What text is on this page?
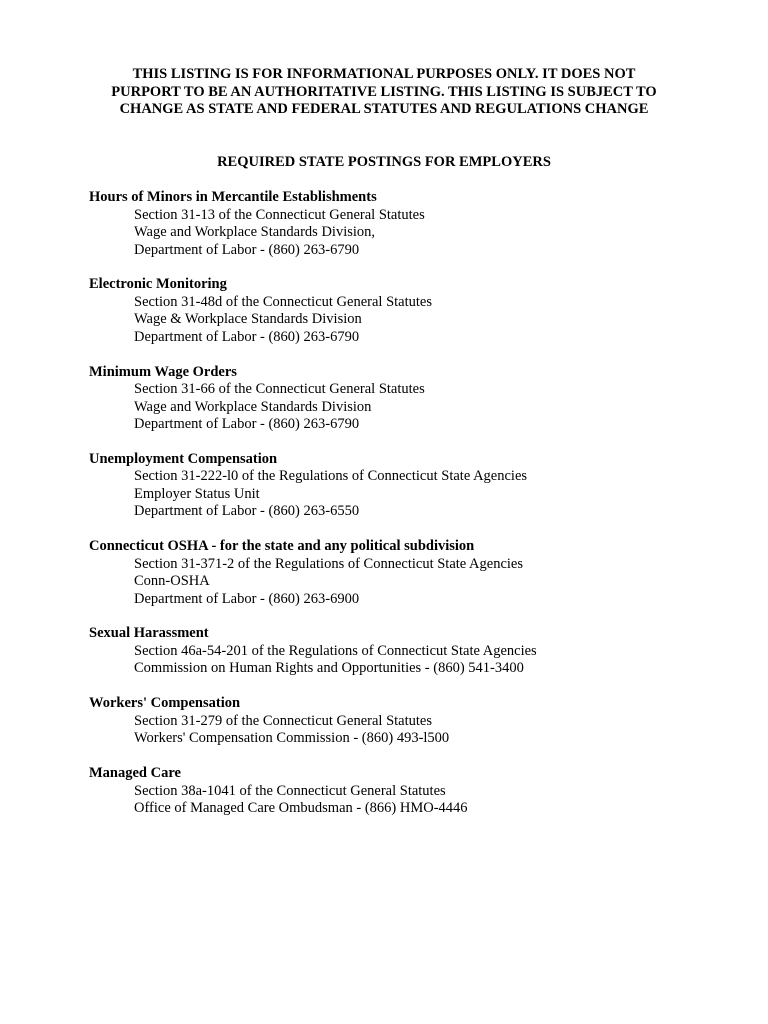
THIS LISTING IS FOR INFORMATIONAL PURPOSES ONLY. IT DOES NOT
PURPORT TO BE AN AUTHORITATIVE LISTING. THIS LISTING IS SUBJECT TO
CHANGE AS STATE AND FEDERAL STATUTES AND REGULATIONS CHANGE
REQUIRED STATE POSTINGS FOR EMPLOYERS
Hours of Minors in Mercantile Establishments
Section 31-13 of the Connecticut General Statutes
Wage and Workplace Standards Division,
Department of Labor - (860) 263-6790
Electronic Monitoring
Section 31-48d of the Connecticut General Statutes
Wage & Workplace Standards Division
Department of Labor - (860) 263-6790
Minimum Wage Orders
Section 31-66 of the Connecticut General Statutes
Wage and Workplace Standards Division
Department of Labor - (860) 263-6790
Unemployment Compensation
Section 31-222-l0 of the Regulations of Connecticut State Agencies
Employer Status Unit
Department of Labor - (860) 263-6550
Connecticut OSHA - for the state and any political subdivision
Section 31-371-2 of the Regulations of Connecticut State Agencies
Conn-OSHA
Department of Labor - (860) 263-6900
Sexual Harassment
Section 46a-54-201 of the Regulations of Connecticut State Agencies
Commission on Human Rights and Opportunities - (860) 541-3400
Workers' Compensation
Section 31-279 of the Connecticut General Statutes
Workers' Compensation Commission - (860) 493-l500
Managed Care
Section 38a-1041 of the Connecticut General Statutes
Office of Managed Care Ombudsman - (866) HMO-4446
